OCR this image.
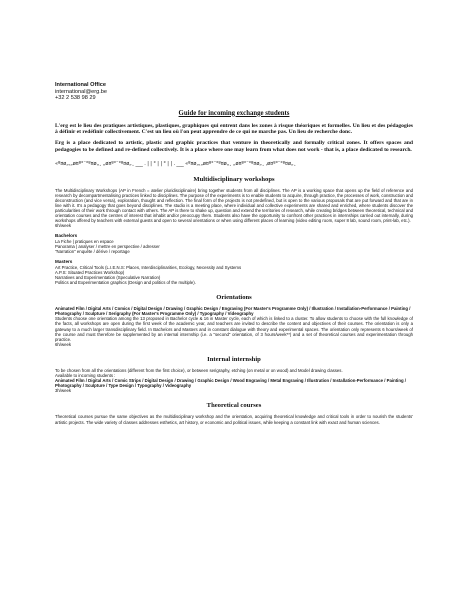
International Office
international@erg.be
+32 2 538 98 29
Guide for incoming exchange students

L'erg est le lieu des pratiques artistiques, plastiques, graphiques qui entrent dans les zones à risque théoriques et formelles. Un lieu et des pédagogies à définir et redéfinir collectivement. C'est un lieu où l'on peut apprendre de ce qui ne marche pas. Un lieu de recherche donc.

Erg is a place dedicated to artistic, plastic and graphic practices that venture in theoretically and formally critical zones. It offers spaces and pedagogies to be defined and re-defined collectively. It is a place where one may learn from what does not work - that is, a place dedicated to research.

«º¤ø„,„ø¤º°¨°º¤ø„¸ „ø¤º°¨°º¤ø„¸ ___ . | | ° | | ° | | . ___ «º¤ø„,„ø¤º°¨°º¤ø„¸ „ø¤º°¨°º¤ø„¸ ,ø¤º°¨°º¤ø„¸
Multidisciplinary workshops

The Multidisciplinary Workshops (AP in French = atelier pluridisciplinaire) bring together students from all disciplines. The AP is a working space that opens up the field of reference and research by decompartmentalising practices linked to disciplines. The purpose of the experiments is to enable students to acquire, through practice, the processes of work, construction and deconstruction (and vice versa), exploration, thought and reflection. The final form of the projects is not predefined, but is open to the various proposals that are put forward and that are in line with it. It's a pedagogy that goes beyond disciplines. The studio is a meeting place, where individual and collective experiments are shared and enriched, where students discover the particularities of their work through contact with others. The AP is there to shake up, question and extend the territories of research, while creating bridges between theoretical, technical and orientation courses and the centres of interest that inhabit and/or preoccupy them. Students also have the opportunity to confront other practices in internships carried out internally, during workshops offered by teachers with external guests and open to several orientations or when using different places of learning (video editing room, super 8 lab, sound room, print-lab, etc.).

6h/week
Bachelors
La Fiche | pratiques en espace
Panorama | analyser / mettre en perspective / adresser
"Narration" enquête / dérive / reportage
Masters
Art Practice, Critical Tools (L.I.E.N.S: Places, Interdisciplinarities, Ecology, Necessity and Systems
A.P.S: Situated Practices Workshop)
Narratives and Experimentation (Speculative Narration)
Politics and Experimentation graphics (Design and politics of the multiple).
Orientations

Animated Film / Digital Arts / Comics / Digital Design / Drawing / Graphic Design / Engraving (For Master's Programme Only) / Illustration / Installation-Performance / Painting / Photography / Sculpture / Serigraphy (For Master's Programme Only) / Typography / Videography

Students choose one orientation among the 13 proposed in Bachelor cycle & 16 in Master cycle, each of which is linked to a cluster. To allow students to choose with the full knowledge of the facts, all workshops are open during the first week of the academic year, and teachers are invited to describe the content and objectives of their courses. The orientation is only a gateway to a much larger transdisciplinary field. In Bachelors and Masters and in constant dialogue with theory and experimental spaces. The orientation only represents 6 hours/week of the course and must therefore be supplemented by an internal internship (i.e. a "second" orientation, of 3 hours/week**) and a set of theoretical courses and experimentation through practice.

6h/week
Internal internship

To be chosen from all the orientations (different from the first choice), or between serigraphy, etching (on metal or on wood) and Model drawing classes.

Available to incoming students :

Animated Film / Digital Arts / Comic Strips / Digital Design / Drawing / Graphic Design / Wood Engraving / Metal Engraving / Illustration / Installation-Performance / Painting / Photography / Sculpture / Type Design / Typography / Videography

3h/week
Theoretical courses

Theoretical courses pursue the same objectives as the multidisciplinary workshop and the orientation, acquiring theoretical knowledge and critical tools in order to nourish the students' artistic projects. The wide variety of classes addresses esthetics, art history, or economic and political issues, while keeping a constant link with exact and human sciences.
